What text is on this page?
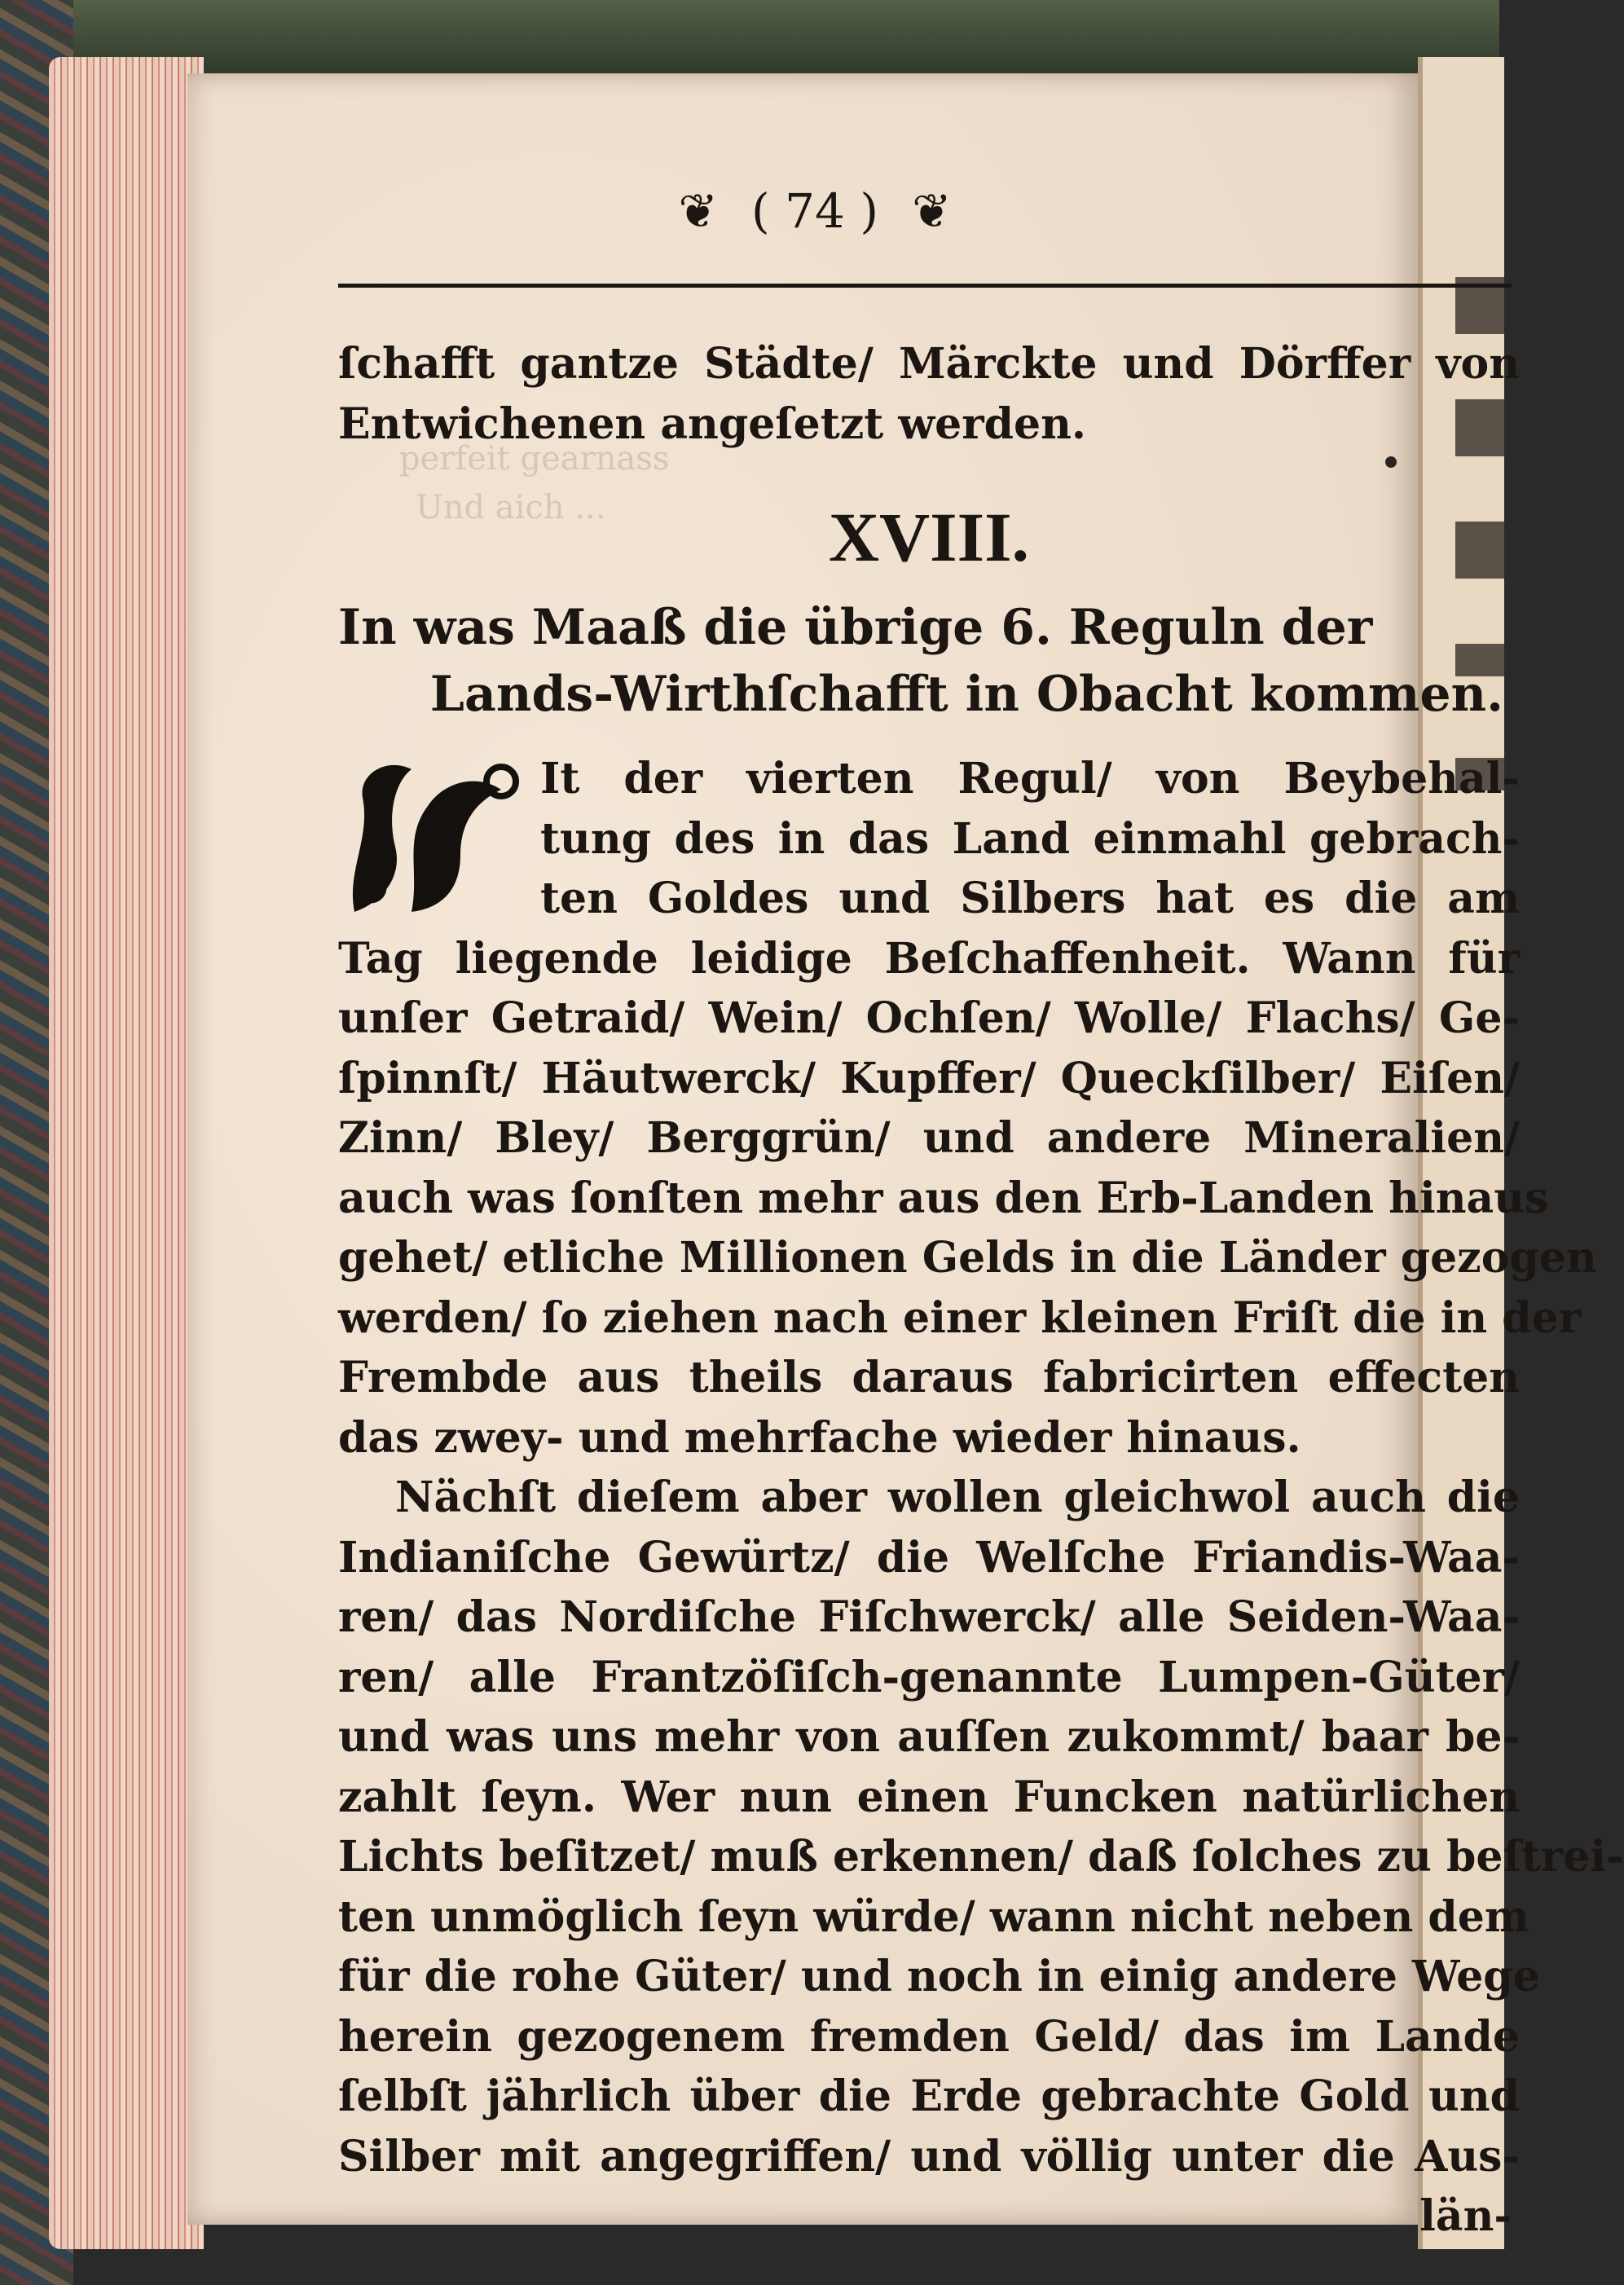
perfeit gearnass
Und aich ...
❦ ( 74 ) ❦
ſchafft gantze Städte/ Märckte und Dörffer von
Entwichenen angeſetzt werden.
XVIII.
In was Maaß die übrige 6. Reguln der
Lands-Wirthſchafft in Obacht kommen.
It der vierten Regul/ von Beybehal-
tung des in das Land einmahl gebrach-
ten Goldes und Silbers hat es die am
Tag liegende leidige Beſchaffenheit. Wann für
unſer Getraid/ Wein/ Ochſen/ Wolle/ Flachs/ Ge-
ſpinnſt/ Häutwerck/ Kupffer/ Queckſilber/ Eiſen/
Zinn/ Bley/ Berggrün/ und andere Mineralien/
auch was ſonſten mehr aus den Erb-Landen hinaus
gehet/ etliche Millionen Gelds in die Länder gezogen
werden/ ſo ziehen nach einer kleinen Friſt die in der
Frembde aus theils daraus fabricirten effecten
das zwey- und mehrfache wieder hinaus.
Nächſt dieſem aber wollen gleichwol auch die
Indianiſche Gewürtz/ die Welſche Friandis-Waa-
ren/ das Nordiſche Fiſchwerck/ alle Seiden-Waa-
ren/ alle Frantzöſiſch-genannte Lumpen-Güter/
und was uns mehr von auſſen zukommt/ baar be-
zahlt ſeyn. Wer nun einen Funcken natürlichen
Lichts beſitzet/ muß erkennen/ daß ſolches zu beſtrei-
ten unmöglich ſeyn würde/ wann nicht neben dem
für die rohe Güter/ und noch in einig andere Wege
herein gezogenem fremden Geld/ das im Lande
ſelbſt jährlich über die Erde gebrachte Gold und
Silber mit angegriffen/ und völlig unter die Aus-
län-
